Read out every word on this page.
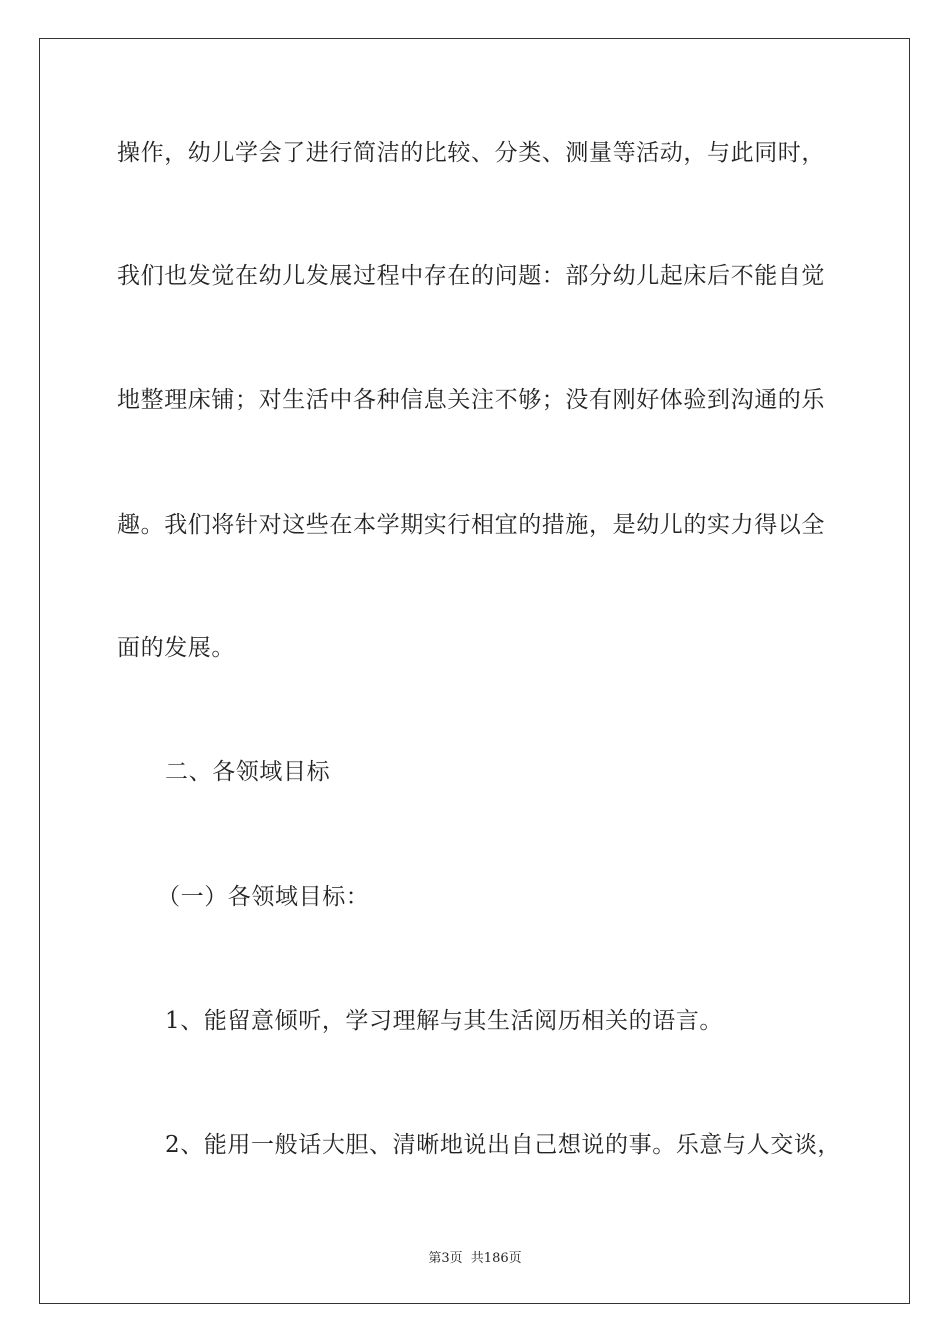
操作，幼儿学会了进行简洁的比较、分类、测量等活动，与此同时，
我们也发觉在幼儿发展过程中存在的问题：部分幼儿起床后不能自觉
地整理床铺；对生活中各种信息关注不够；没有刚好体验到沟通的乐
趣。我们将针对这些在本学期实行相宜的措施，是幼儿的实力得以全
面的发展。
二、各领域目标
（一）各领域目标：
1、能留意倾听，学习理解与其生活阅历相关的语言。
2、能用一般话大胆、清晰地说出自己想说的事。乐意与人交谈，
第3页 共186页
